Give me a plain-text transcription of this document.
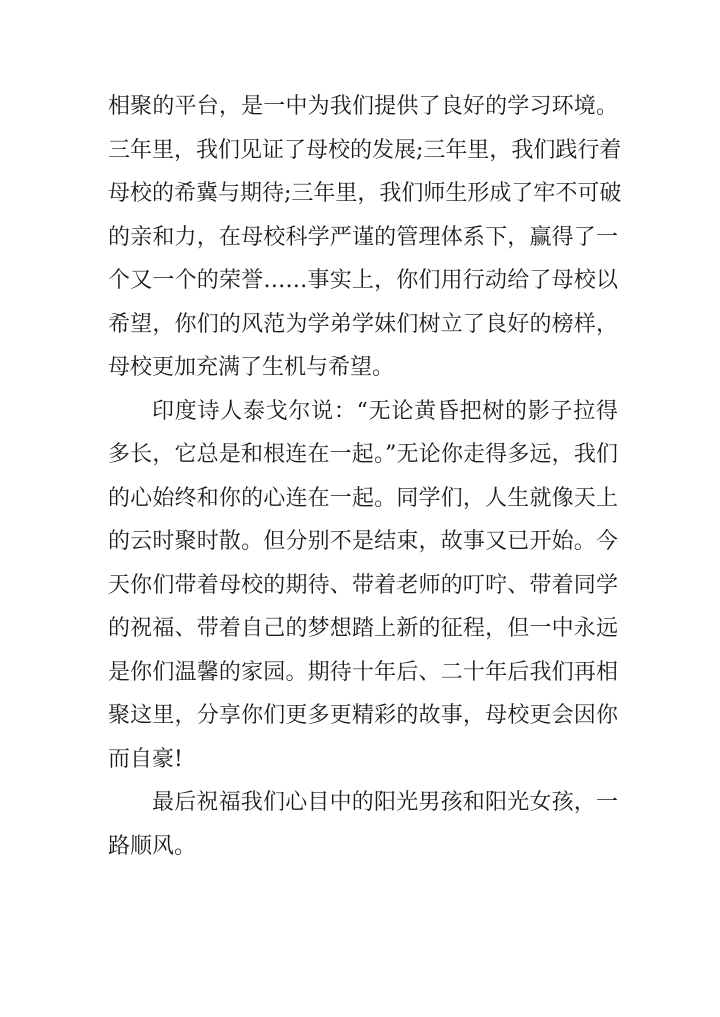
相聚的平台，是一中为我们提供了良好的学习环境。
三年里，我们见证了母校的发展;三年里，我们践行着
母校的希冀与期待;三年里，我们师生形成了牢不可破
的亲和力，在母校科学严谨的管理体系下，赢得了一
个又一个的荣誉……事实上，你们用行动给了母校以
希望，你们的风范为学弟学妹们树立了良好的榜样，
母校更加充满了生机与希望。
印度诗人泰戈尔说：“无论黄昏把树的影子拉得
多长，它总是和根连在一起。”无论你走得多远，我们
的心始终和你的心连在一起。同学们，人生就像天上
的云时聚时散。但分别不是结束，故事又已开始。今
天你们带着母校的期待、带着老师的叮咛、带着同学
的祝福、带着自己的梦想踏上新的征程，但一中永远
是你们温馨的家园。期待十年后、二十年后我们再相
聚这里，分享你们更多更精彩的故事，母校更会因你
而自豪!
最后祝福我们心目中的阳光男孩和阳光女孩，一
路顺风。
